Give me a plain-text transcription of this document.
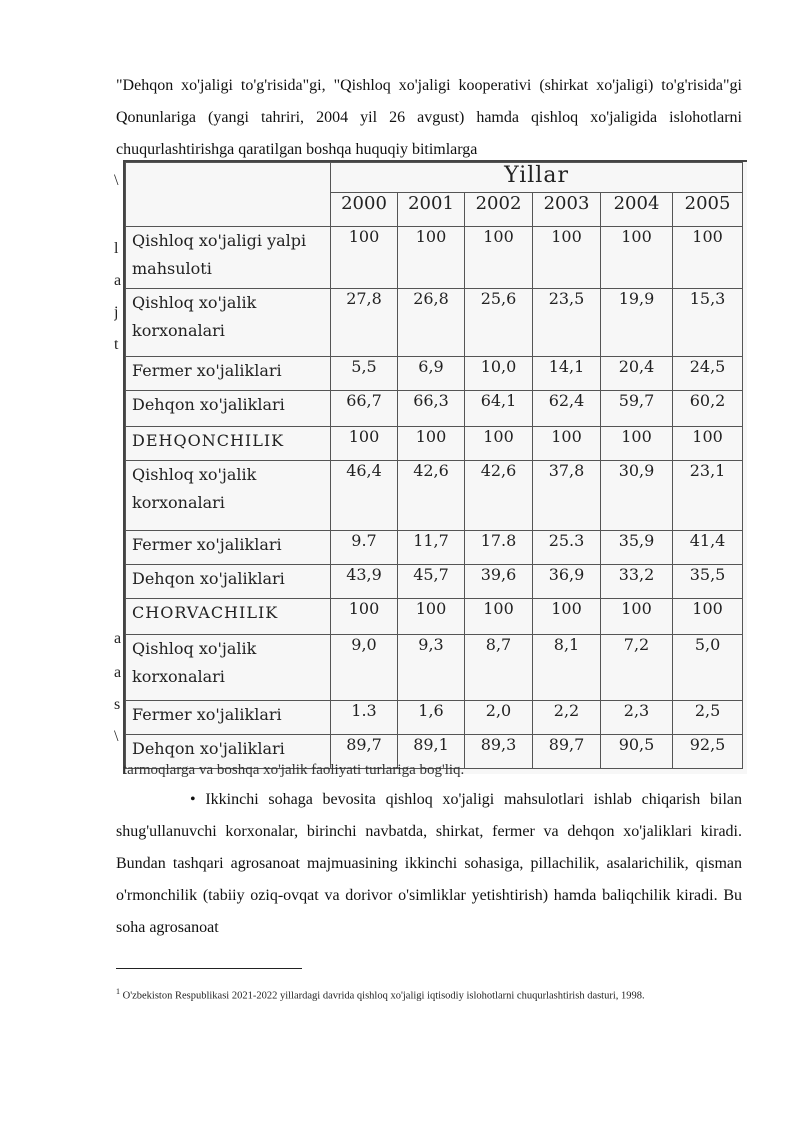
"Dehqon xo'jaligi to'g'risida"gi, "Qishloq xo'jaligi kooperativi (shirkat xo'jaligi) to'g'risida"gi Qonunlariga (yangi tahriri, 2004 yil 26 avgust) hamda qishloq xo'jaligida islohotlarni chuqurlashtirishga qaratilgan boshqa huquqiy bitimlarga
\
l
a
j
t
a
a
s
\
	Yillar					
	2000	2001	2002	2003	2004	2005
Qishloq xo'jaligi yalpi mahsuloti	100	100	100	100	100	100
Qishloq xo'jalik korxonalari	27,8	26,8	25,6	23,5	19,9	15,3
Fermer xo'jaliklari	5,5	6,9	10,0	14,1	20,4	24,5
Dehqon xo'jaliklari	66,7	66,3	64,1	62,4	59,7	60,2
DEHQONCHILIK	100	100	100	100	100	100
Qishloq xo'jalik korxonalari	46,4	42,6	42,6	37,8	30,9	23,1
Fermer xo'jaliklari	9.7	11,7	17.8	25.3	35,9	41,4
Dehqon xo'jaliklari	43,9	45,7	39,6	36,9	33,2	35,5
CHORVACHILIK	100	100	100	100	100	100
Qishloq xo'jalik korxonalari	9,0	9,3	8,7	8,1	7,2	5,0
Fermer xo'jaliklari	1.3	1,6	2,0	2,2	2,3	2,5
Dehqon xo'jaliklari	89,7	89,1	89,3	89,7	90,5	92,5
tarmoqlarga va boshqa xo'jalik faoliyati turlariga bog'liq.
• Ikkinchi sohaga bevosita qishloq xo'jaligi mahsulotlari ishlab chiqarish bilan shug'ullanuvchi korxonalar, birinchi navbatda, shirkat, fermer va dehqon xo'jaliklari kiradi. Bundan tashqari agrosanoat majmuasining ikkinchi sohasiga, pillachilik, asalarichilik, qisman o'rmonchilik (tabiiy oziq-ovqat va dorivor o'simliklar yetishtirish) hamda baliqchilik kiradi. Bu soha agrosanoat
$^1$ O'zbekiston Respublikasi 2021-2022 yillardagi davrida qishloq xo'jaligi iqtisodiy islohotlarni chuqurlashtirish dasturi, 1998.
